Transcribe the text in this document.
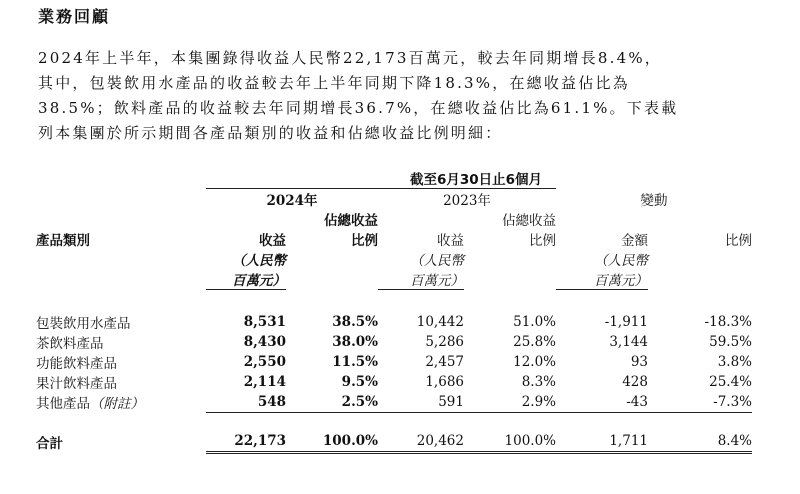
業務回顧
2024年上半年，本集團錄得收益人民幣22,173百萬元，較去年同期增長8.4%，
其中，包裝飲用水產品的收益較去年上半年同期下降18.3%，在總收益佔比為
38.5%；飲料產品的收益較去年同期增長36.7%，在總收益佔比為61.1%。下表載
列本集團於所示期間各產品類別的收益和佔總收益比例明細：
	截至6月30日止6個月					
	2024年		2023年		變動	
		佔總收益		佔總收益		
產品類別	收益	比例	收益	比例	金額	比例
	（人民幣		（人民幣		（人民幣	
	百萬元）		百萬元）		百萬元）	

包裝飲用水產品	8,531	38.5%	10,442	51.0%	-1,911	-18.3%
茶飲料產品	8,430	38.0%	5,286	25.8%	3,144	59.5%
功能飲料產品	2,550	11.5%	2,457	12.0%	93	3.8%
果汁飲料產品	2,114	9.5%	1,686	8.3%	428	25.4%
其他產品（附註）	548	2.5%	591	2.9%	-43	-7.3%

合計	22,173	100.0%	20,462	100.0%	1,711	8.4%
